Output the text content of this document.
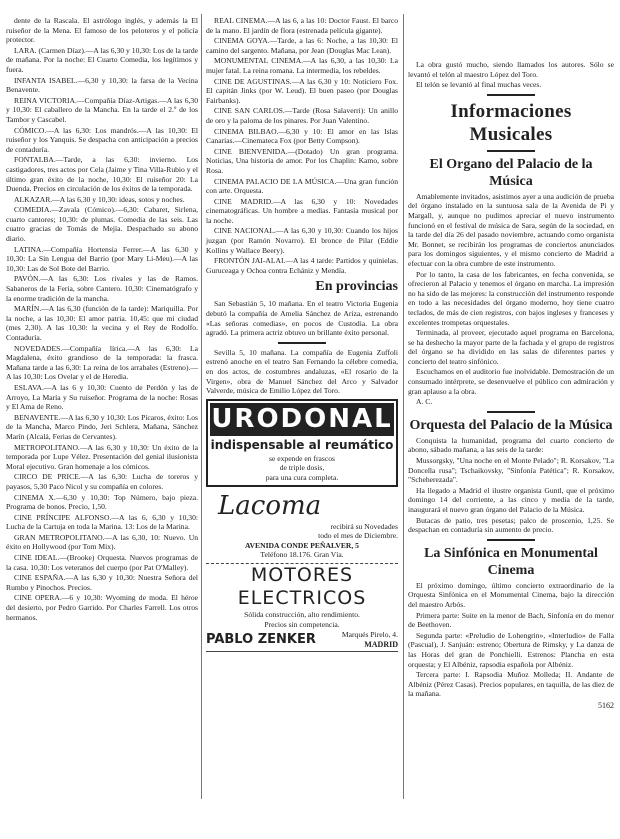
dente de la Rascala. El astrólogo inglés, y además la El ruiseñor de la Mena. El famoso de los peloteros y el policía protector.

LARA. (Carmen Díaz).—A las 6,30 y 10,30: Los de la tarde de mañana. Por la noche: El Cuarto Comedia, los legítimos y fuera.

INFANTA ISABEL.—6,30 y 10,30: la farsa de la Vecina Benavente.

REINA VICTORIA.—Compañía Díaz-Artigas.—A las 6,30 y 10,30: El caballero de la Mancha. En la tarde el 2.º de los Tambor y Cascabel.

CÓMICO.—A las 6,30: Los mandrós.—A las 10,30: El ruiseñor y los Yanquis. Se despacha con anticipación a precios de contaduría.

FONTALBA.—Tarde, a las 6,30: invierno. Los castigadores, tres actos por Cela (Jaime y Tina Villa-Rubio y el último gran éxito de la noche, 10,30: El ruiseñor 20: La Duenda. Precios en circulación de los éxitos de la temporada.

ALKAZAR.—A las 6,30 y 10,30: ideas, sotos y noches.

COMEDIA.—Zavala (Cómico).—6,30: Cabaret, Sirlena, cuarto cantores; 10,30: de plumas. Comedia de las seis. Las cuatro gracias de Tomás de Mejía. Despachado su abono diario.

LATINA.—Compañía Hortensia Ferrer.—A las 6,30 y 10,30: La Sin Lengua del Barrio (por Mary Li-Meu).—A las 10,30: Las de Sol Bote del Barrio.

PAVÓN.—A las 6,30: Los rivales y las de Ramos. Sabaneros de la Feria, sobre Cantero. 10,30: Cinematógrafo y la enorme tradición de la mancha.

MARÍN.—A las 6,30 (función de la tarde): Mariquilla. Por la noche, a las 10,30: El amor patria. 10,45: que mi ciudad (mes 2,30). A las 10,30: la vecina y el Rey de Rodolfo. Contaduría.

NOVEDADES.—Compañía lírica.—A las 6,30: La Magdalena, éxito grandioso de la temporada: la frasca. Mañana tarde a las 6,30: La reina de los arrabales (Estreno).—A las 10,30: Los Ovelar y el de Heredia.

ESLAVA.—A las 6 y 10,30: Cuento de Perdón y las de Arroyo, La María y Su ruiseñor. Programa de la noche: Rosas y El Ama de Reno.

BENAVENTE.—A las 6,30 y 10,30: Los Pícaros, éxito: Los de la Mancha, Marco Pindo, Jeri Schlera, Mañana, Sánchez Marín (Alcalá, Ferias de Cervantes).

METROPOLITANO.—A las 6,30 y 10,30: Un éxito de la temporada por Lupe Vélez. Presentación del genial ilusionista Moral ejecutivo. Gran homenaje a los cómicos.

CIRCO DE PRICE.—A las 6,30: Lucha de toreros y payasos, 5,30 Paco Nicol y su compañía en colores.

CINEMA X.—6,30 y 10,30: Top Número, bajo pieza. Programa de bonos. Precio, 1,50.

CINE PRÍNCIPE ALFONSO.—A las 6, 6,30 y 10,30: Lucha de la Cartuja en toda la Marina. 13: Los de la Marina.

GRAN METROPOLITANO.—A las 6,30, 10: Nuevo. Un éxito en Hollywood (por Tom Mix).

CINE IDEAL.—(Brooke) Orquesta. Nuevos programas de la casa. 10,30: Los veteranos del cuerpo (por Pat O'Malley).

CINE ESPAÑA.—A las 6,30 y 10,30: Nuestra Señora del Rumbo y Pinochos. Precios.

CINE OPERA.—6 y 10,30: Wyoming de moda. El héroe del desierto, por Pedro Garrido. Por Charles Farrell. Los otros hermanos.

REAL CINEMA.—A las 6, a las 10: Doctor Faust. El barco de la mano. El jardín de flora (estrenada película gigante).

CINEMA GOYA.—Tarde, a las 6: Noche, a las 10,30: El camino del sargento. Mañana, por Jean (Douglas Mac Lean).

MONUMENTAL CINEMA.—A las 6,30, a las 10,30: La mujer fatal. La reina romana. La intermedia, los rebeldes.

CINE DE AGUSTINAS.—A las 6,30 y 10: Noticiero Fox. El capitán Jinks (por W. Leud). El buen paseo (por Douglas Fairbanks).

CINE SAN CARLOS.—Tarde (Rosa Salaverri): Un anillo de oro y la paloma de los pinares. Por Juan Valentino.

CINEMA BILBAO.—6,30 y 10: El amor en las Islas Canarias.—Cinemateca Fox (por Betty Compson).

CINE BIENVENIDA.—(Dotado) Un gran programa. Noticias, Una historia de amor. Por los Chaplin: Kamo, sobre Rosa.

CINEMA PALACIO DE LA MÚSICA.—Una gran función con arte. Orquesta.

CINE MADRID.—A las 6,30 y 10: Novedades cinematográficas. Un hombre a medias. Fantasía musical por la noche.

CINE NACIONAL.—A las 6,30 y 10,30: Cuando los hijos juzgan (por Ramón Novarro). El bronce de Pilar (Eddie Kollins y Wallace Beery).

FRONTÓN JAI-ALAI.—A las 4 tarde: Partidos y quinielas. Guruceaga y Ochoa contra Echániz y Mendía.

En provincias

San Sebastián 5, 10 mañana. En el teatro Victoria Eugenia debutó la compañía de Amelia Sánchez de Ariza, estrenando «Las señoras comedias», en pocos de Custodia. La obra agradó. La primera actriz obtuvo un brillante éxito personal.

Sevilla 5, 10 mañana. La compañía de Eugenia Zuffoli estrenó anoche en el teatro San Fernando la célebre comedia, en dos actos, de costumbres andaluzas, «El rosario de la Virgen», obra de Manuel Sánchez del Arco y Salvador Valverde, música de Emilio López del Toro.

URODONAL
indispensable al reumático
se expende en frascos
de triple dosis,
para una cura completa.
Lacoma
recibirá su Novedades
todo el mes de Diciembre.
AVENIDA CONDE PEÑALVER, 5
Teléfono 18.176. Gran Vía.
MOTORES ELECTRICOS
Sólida construcción, alto rendimiento.
Precios sin competencia.
PABLO ZENKER	Marqués Pirelo, 4.
MADRID

La obra gustó mucho, siendo llamados los autores. Sólo se levantó el telón al maestro López del Toro.

El telón se levantó al final muchas veces.

Informaciones Musicales
El Organo del Palacio de la Música

Amablemente invitados, asistimos ayer a una audición de prueba del órgano instalado en la suntuosa sala de la Avenida de Pi y Margall, y, aunque no pudimos apreciar el nuevo instrumento funcionó en el festival de música de Sara, según de la sociedad, en la tarde del día 26 del pasado noviembre, actuando como organista Mr. Bonnet, se recibirán los programas de conciertos anunciados para los domingos siguientes, y el mismo concierto de Madrid a efectuar con la obra cumbre de este instrumento.

Por lo tanto, la casa de los fabricantes, en fecha convenida, se ofrecieron al Palacio y tenemos el órgano en marcha. La impresión no ha sido de las mejores: la construcción del instrumento responde en todo a las necesidades del órgano moderno, hoy tiene cuatro teclados, de más de cien registros, con bajos ingleses y franceses y excelentes trompetas orquestales.

Terminada, al proveer, ejecutado aquel programa en Barcelona, se ha deshecho la mayor parte de la fachada y el grupo de registros del órgano se ha dividido en las salas de diferentes partes y concierto del teatro sinfónico.

Escuchamos en el auditorio fue inolvidable. Demostración de un consumado intérprete, se desenvuelve el público con admiración y gran aplauso a la obra.

A. C.
Orquesta del Palacio de la Música

Conquista la humanidad, programa del cuarto concierto de abono, sábado mañana, a las seis de la tarde:

Mussorgsky, "Una noche en el Monte Pelado"; R. Korsakov, "La Doncella rusa"; Tschaikovsky, "Sinfonía Patética"; R. Korsakov, "Scheherezada".

Ha llegado a Madrid el ilustre organista Guntl, que el próximo domingo 14 del corriente, a las cinco y media de la tarde, inaugurará el nuevo gran órgano del Palacio de la Música.

Butacas de patio, tres pesetas; palco de proscenio, 1,25. Se despachan en contaduría sin aumento de precio.

La Sinfónica en Monumental Cinema

El próximo domingo, último concierto extraordinario de la Orquesta Sinfónica en el Monumental Cinema, bajo la dirección del maestro Arbós.

Primera parte: Suite en la menor de Bach, Sinfonía en do menor de Beethoven.

Segunda parte: «Preludio de Lohengrin», «Interludio» de Falla (Pascual), J. Sanjuán: estreno; Obertura de Rimsky, y La danza de las Horas del gran de Ponchielli. Estrenos: Plancha en esta orquesta; y El Albéniz, rapsodia española por Albéniz.

Tercera parte: I. Rapsodia Muñoz Molleda; II. Andante de Albéniz (Pérez Casas). Precios populares, en taquilla, de las diez de la mañana.

5162
